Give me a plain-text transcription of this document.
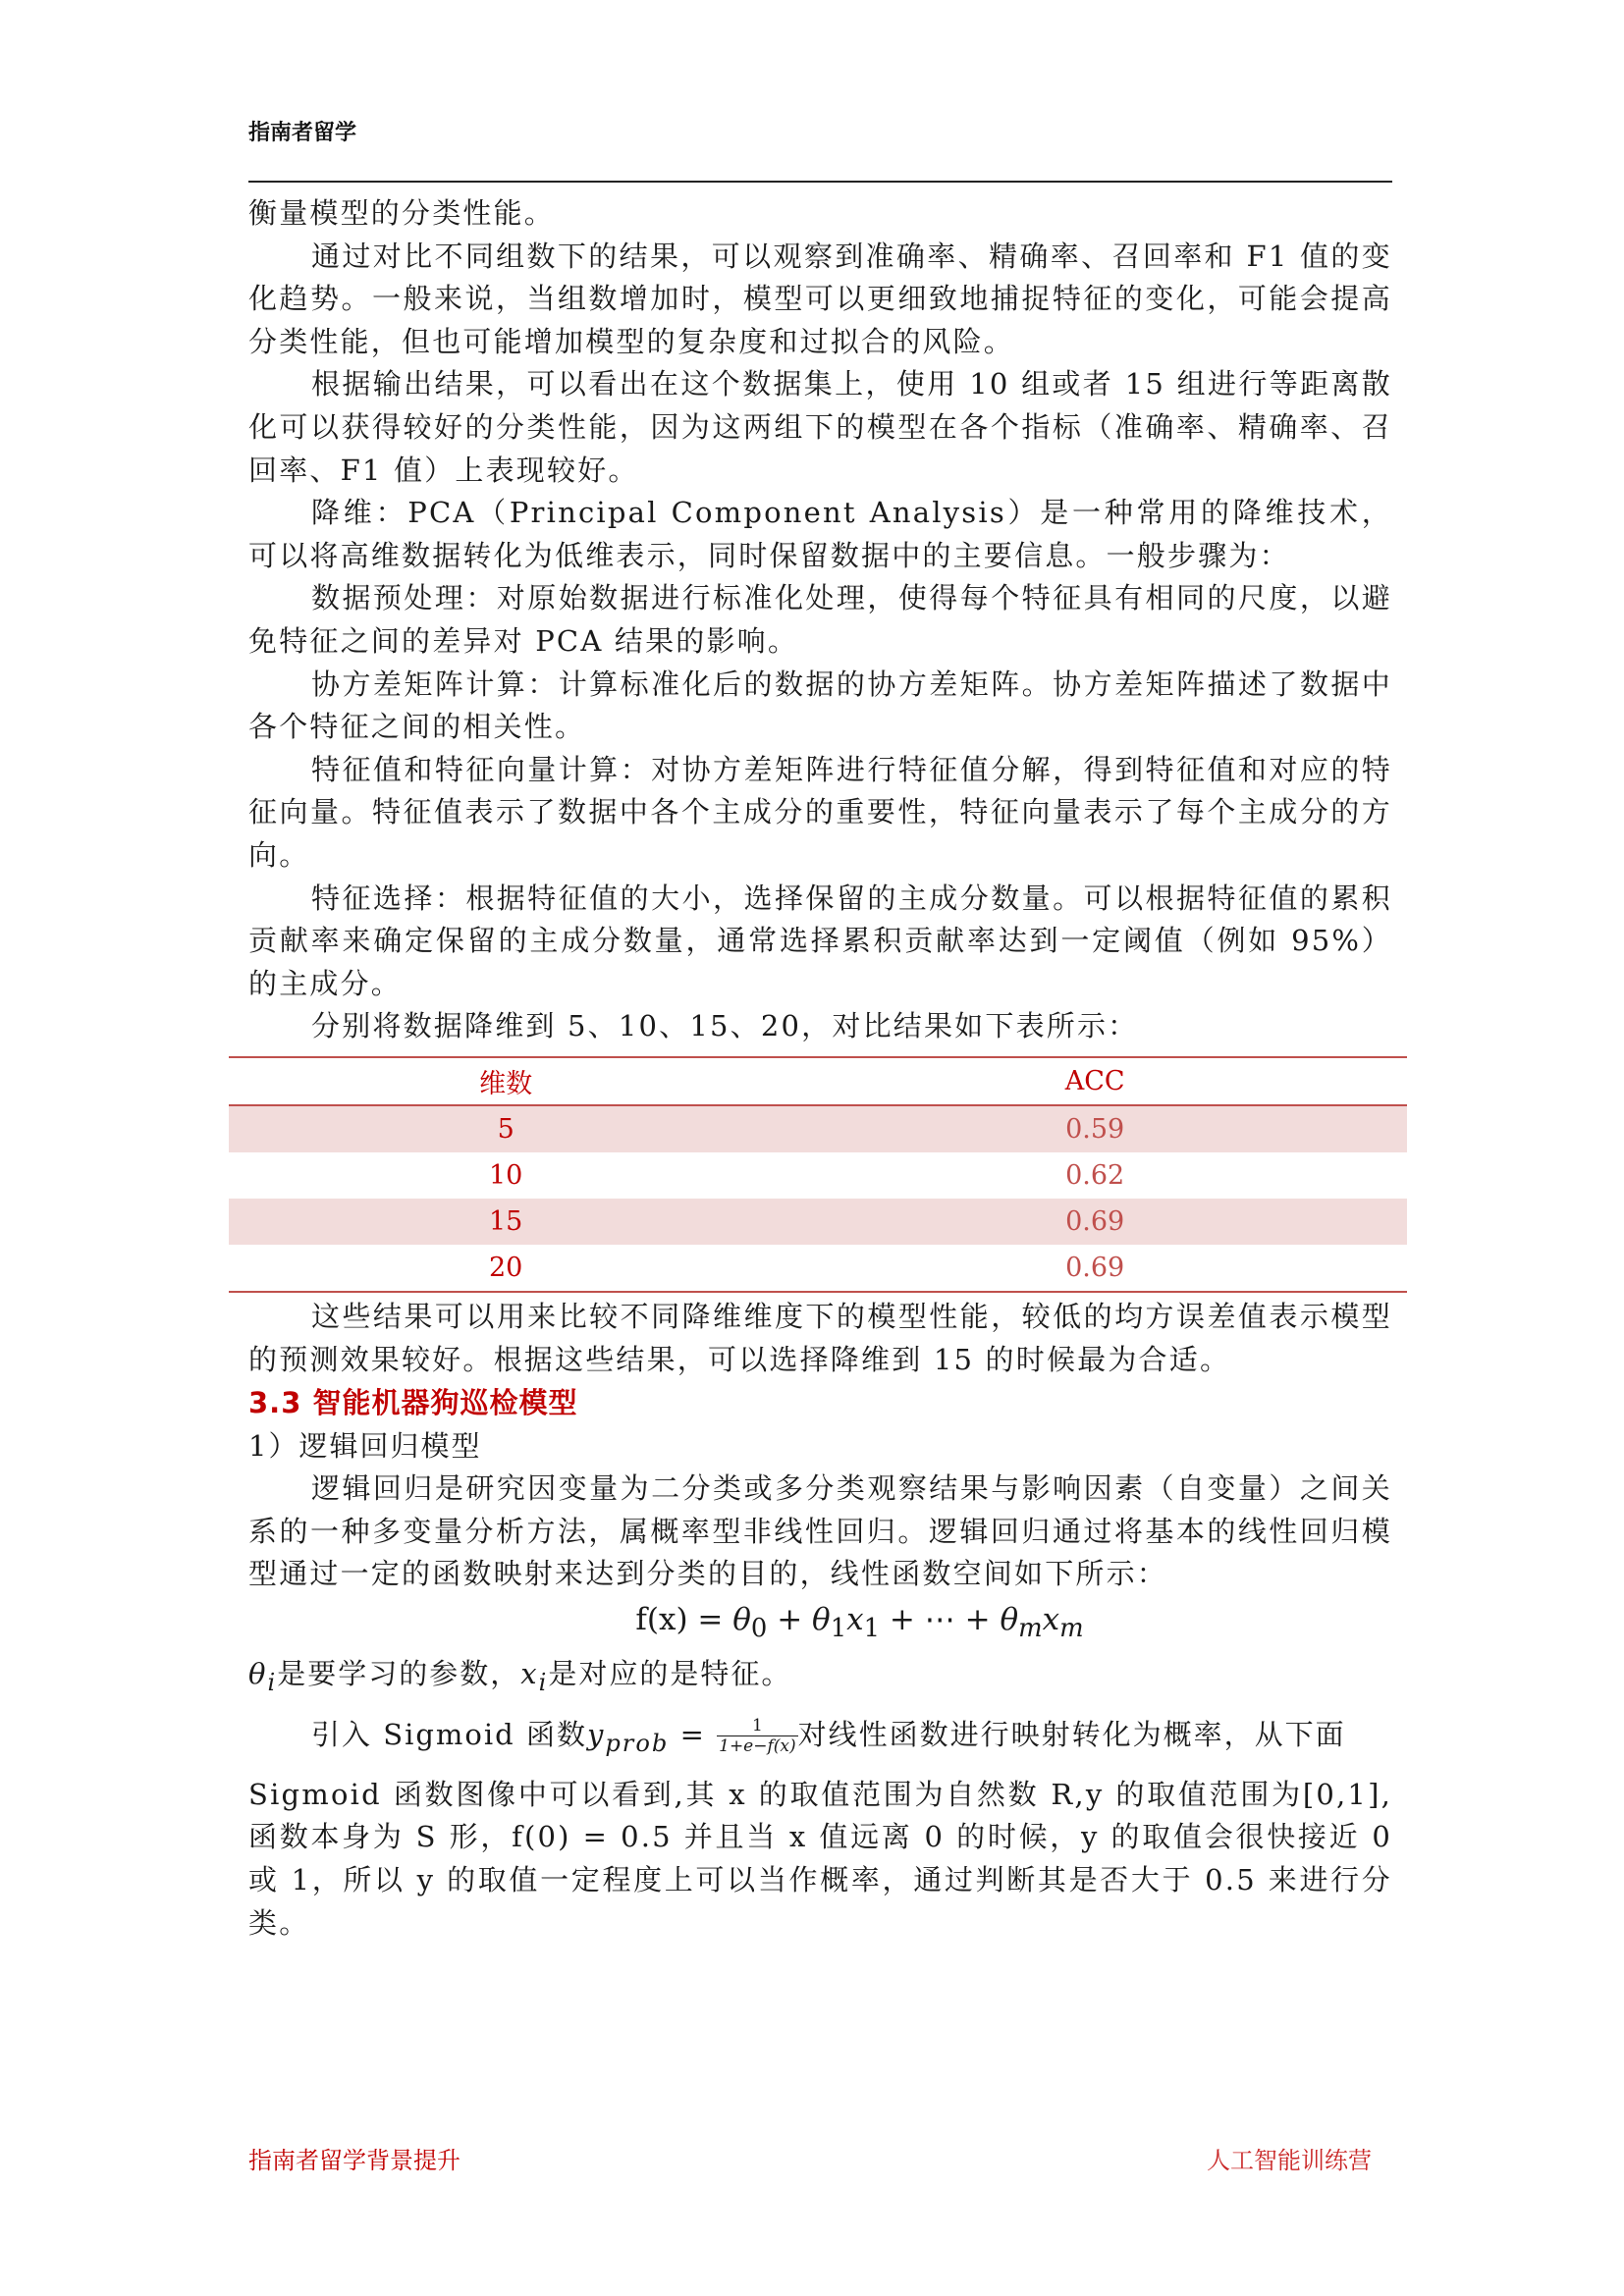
指南者留学

衡量模型的分类性能。

通过对比不同组数下的结果，可以观察到准确率、精确率、召回率和 F1 值的变化趋势。一般来说，当组数增加时，模型可以更细致地捕捉特征的变化，可能会提高分类性能，但也可能增加模型的复杂度和过拟合的风险。

根据输出结果，可以看出在这个数据集上，使用 10 组或者 15 组进行等距离散化可以获得较好的分类性能，因为这两组下的模型在各个指标（准确率、精确率、召回率、F1 值）上表现较好。

降维：PCA（Principal Component Analysis）是一种常用的降维技术，可以将高维数据转化为低维表示，同时保留数据中的主要信息。一般步骤为：

数据预处理：对原始数据进行标准化处理，使得每个特征具有相同的尺度，以避免特征之间的差异对 PCA 结果的影响。

协方差矩阵计算：计算标准化后的数据的协方差矩阵。协方差矩阵描述了数据中各个特征之间的相关性。

特征值和特征向量计算：对协方差矩阵进行特征值分解，得到特征值和对应的特征向量。特征值表示了数据中各个主成分的重要性，特征向量表示了每个主成分的方向。

特征选择：根据特征值的大小，选择保留的主成分数量。可以根据特征值的累积贡献率来确定保留的主成分数量，通常选择累积贡献率达到一定阈值（例如 95%）的主成分。

分别将数据降维到 5、10、15、20，对比结果如下表所示：

维数	ACC
5	0.59
10	0.62
15	0.69
20	0.69

这些结果可以用来比较不同降维维度下的模型性能，较低的均方误差值表示模型的预测效果较好。根据这些结果，可以选择降维到 15 的时候最为合适。

3.3 智能机器狗巡检模型

1）逻辑回归模型

逻辑回归是研究因变量为二分类或多分类观察结果与影响因素（自变量）之间关系的一种多变量分析方法，属概率型非线性回归。逻辑回归通过将基本的线性回归模型通过一定的函数映射来达到分类的目的，线性函数空间如下所示：

$f(x) = \theta_0 + \theta_1x_1$ + ⋯ + $\theta_mx_m$

$\theta_i$是要学习的参数，$x_i$是对应的是特征。

引入 Sigmoid 函数$y_{prob} = \frac{1}{1+e-f(x)}$ 对线性函数进行映射转化为概率，从下面

Sigmoid 函数图像中可以看到,其 x 的取值范围为自然数 R,y 的取值范围为[0,1],函数本身为 S 形，f(0) = 0.5 并且当 x 值远离 0 的时候，y 的取值会很快接近 0 或 1，所以 y 的取值一定程度上可以当作概率，通过判断其是否大于 0.5 来进行分类。

指南者留学背景提升	人工智能训练营
